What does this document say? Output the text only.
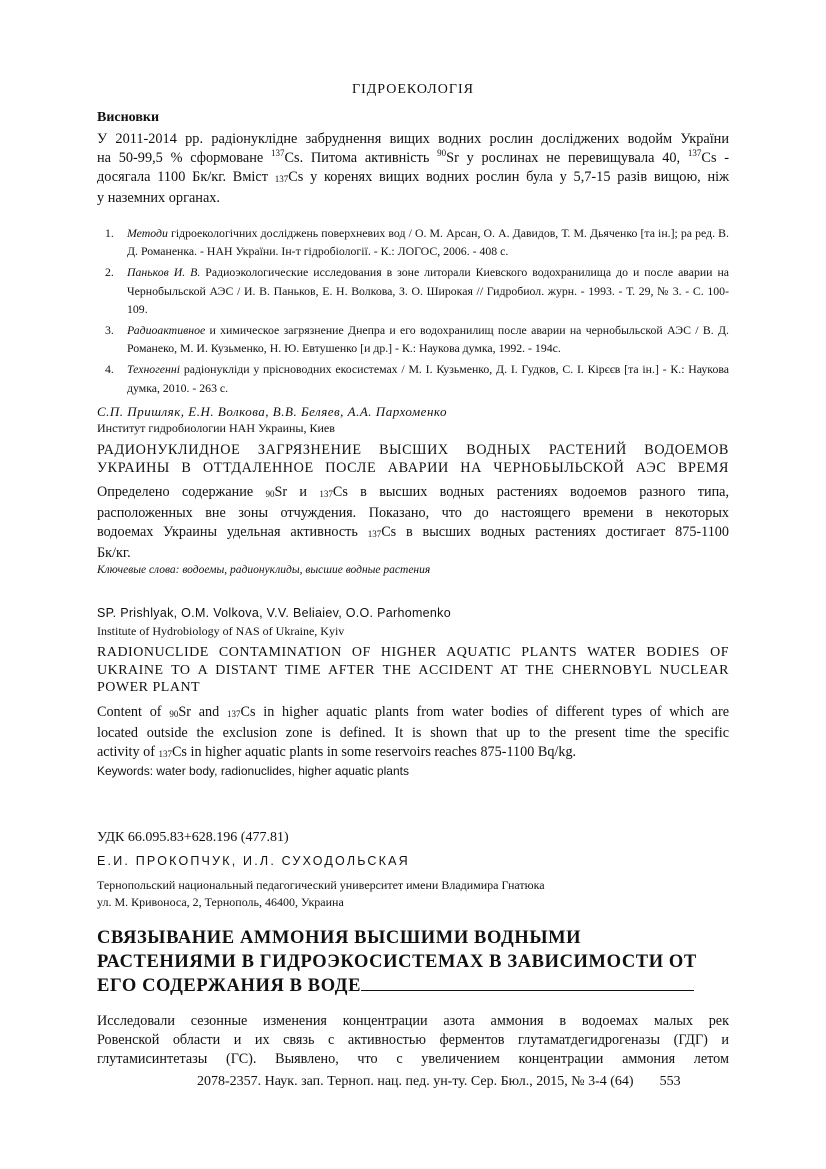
ГІДРОЕКОЛОГІЯ
Висновки
У 2011-2014 рр. радіонуклідне забруднення вищих водних рослин досліджених водойм України
на 50-99,5 % сформоване $^{137}$Cs. Питома активність $^{90}$Sr у рослинах не перевищувала 40, $^{137}$Cs -
досягала 1100 Бк/кг. Вміст $_{137}$Cs у коренях вищих водних рослин була у 5,7-15 разів вищою, ніж
у наземних органах.
1.	Методи гідроекологічних досліджень поверхневих вод / О. М. Арсан, О. А. Давидов, Т. М. Дьяченко [та ін.]; ра ред. В. Д. Романенка. - НАН України. Ін-т гідробіології. - К.: ЛОГОС, 2006. - 408 с.
2.	Паньков И. В. Радиоэкологические исследования в зоне литорали Киевского водохранилища до и после аварии на Чернобыльской АЭС / И. В. Паньков, Е. Н. Волкова, З. О. Широкая // Гидробиол. журн. - 1993. - Т. 29, № 3. - С. 100-109.
3.	Радиоактивное и химическое загрязнение Днепра и его водохранилищ после аварии на чернобыльской АЭС / В. Д. Романеко, М. И. Кузьменко, Н. Ю. Евтушенко [и др.] - К.: Наукова думка, 1992. - 194с.
4.	Техногенні радіонукліди у прісноводних екосистемах / М. І. Кузьменко, Д. І. Гудков, С. І. Кірєєв [та ін.] - К.: Наукова думка, 2010. - 263 с.
С.П. Пришляк, Е.Н. Волкова, В.В. Беляев, А.А. Пархоменко
Институт гидробиологии НАН Украины, Киев
РАДИОНУКЛИДНОЕ ЗАГРЯЗНЕНИЕ ВЫСШИХ ВОДНЫХ РАСТЕНИЙ ВОДОЕМОВ
УКРАИНЫ В ОТТДАЛЕННОЕ ПОСЛЕ АВАРИИ НА ЧЕРНОБЫЛЬСКОЙ АЭС ВРЕМЯ
Определено содержание $_{90}$Sr и $_{137}$Cs в высших водных растениях водоемов разного типа,
расположенных вне зоны отчуждения. Показано, что до настоящего времени в некоторых
водоемах Украины удельная активность $_{137}$Cs в высших водных растениях достигает 875-1100
Бк/кг.
Ключевые слова: водоемы, радионуклиды, высшие водные растения
SP. Prishlyak, O.M. Volkova, V.V. Beliaiev, O.O. Parhomenko
Institute of Hydrobiology of NAS of Ukraine, Kyiv
RADIONUCLIDE CONTAMINATION OF HIGHER AQUATIC PLANTS WATER BODIES OF
UKRAINE TO A DISTANT TIME AFTER THE ACCIDENT AT THE CHERNOBYL NUCLEAR
POWER PLANT
Content of $_{90}$Sr and $_{137}$Cs in higher aquatic plants from water bodies of different types of which are
located outside the exclusion zone is defined. It is shown that up to the present time the specific
activity of $_{137}$Cs in higher aquatic plants in some reservoirs reaches 875-1100 Bq/kg.
Keywords: water body, radionuclides, higher aquatic plants
УДК 66.095.83+628.196 (477.81)
Е.И. ПРОКОПЧУК, И.Л. СУХОДОЛЬСКАЯ
Тернопольский национальный педагогический университет имени Владимира Гнатюка
ул. М. Кривоноса, 2, Тернополь, 46400, Украина
СВЯЗЫВАНИЕ АММОНИЯ ВЫСШИМИ ВОДНЫМИ
РАСТЕНИЯМИ В ГИДРОЭКОСИСТЕМАХ В ЗАВИСИМОСТИ ОТ
ЕГО СОДЕРЖАНИЯ В ВОДЕ
Исследовали сезонные изменения концентрации азота аммония в водоемах малых рек
Ровенской области и их связь с активностью ферментов глутаматдегидрогеназы (ГДГ) и
глутамисинтетазы (ГС). Выявлено, что с увеличением концентрации аммония летом
2078-2357. Наук. зап. Терноп. нац. пед. ун-ту. Сер. Бюл., 2015, № 3-4 (64) 553
